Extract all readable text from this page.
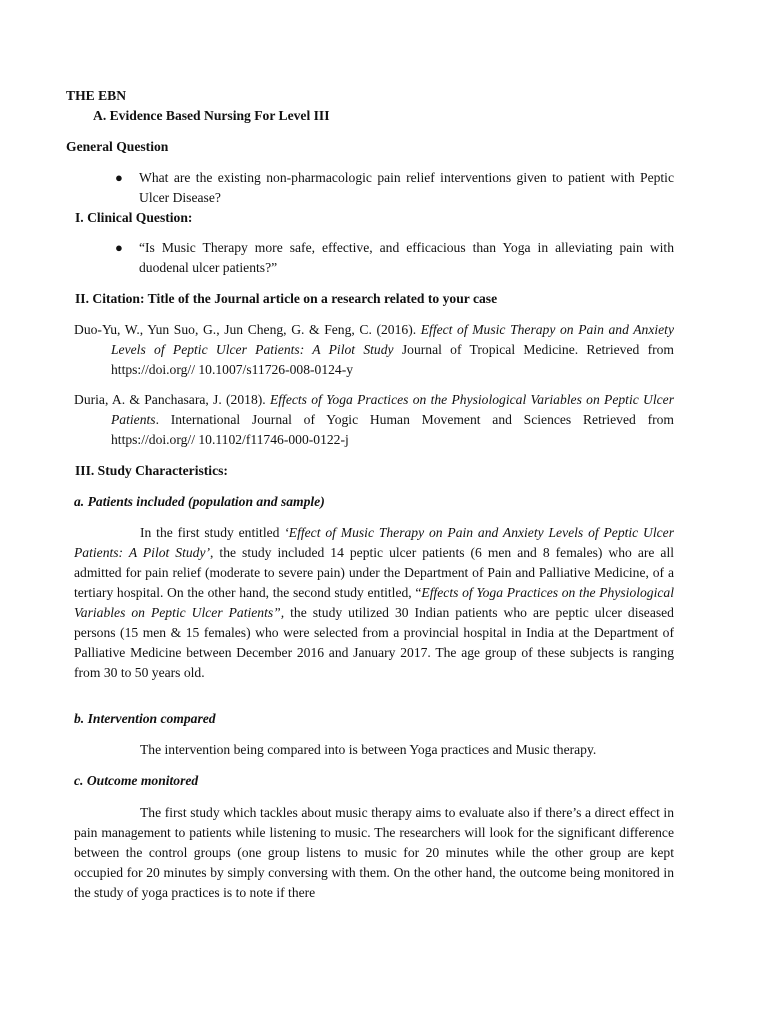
THE EBN
A. Evidence Based Nursing For Level III
General Question
● What are the existing non-pharmacologic pain relief interventions given to patient with Peptic Ulcer Disease?
I. Clinical Question:
● “Is Music Therapy more safe, effective, and efficacious than Yoga in alleviating pain with duodenal ulcer patients?”
II. Citation: Title of the Journal article on a research related to your case

Duo-Yu, W., Yun Suo, G., Jun Cheng, G. & Feng, C. (2016). Effect of Music Therapy on Pain and Anxiety Levels of Peptic Ulcer Patients: A Pilot Study Journal of Tropical Medicine. Retrieved from https://doi.org// 10.1007/s11726-008-0124-y

Duria, A. & Panchasara, J. (2018). Effects of Yoga Practices on the Physiological Variables on Peptic Ulcer Patients. International Journal of Yogic Human Movement and Sciences Retrieved from https://doi.org// 10.1102/f11746-000-0122-j

III. Study Characteristics:
a. Patients included (population and sample)

In the first study entitled ‘Effect of Music Therapy on Pain and Anxiety Levels of Peptic Ulcer Patients: A Pilot Study’, the study included 14 peptic ulcer patients (6 men and 8 females) who are all admitted for pain relief (moderate to severe pain) under the Department of Pain and Palliative Medicine, of a tertiary hospital. On the other hand, the second study entitled, “Effects of Yoga Practices on the Physiological Variables on Peptic Ulcer Patients”, the study utilized 30 Indian patients who are peptic ulcer diseased persons (15 men & 15 females) who were selected from a provincial hospital in India at the Department of Palliative Medicine between December 2016 and January 2017. The age group of these subjects is ranging from 30 to 50 years old.

b. Intervention compared

The intervention being compared into is between Yoga practices and Music therapy.

c. Outcome monitored

The first study which tackles about music therapy aims to evaluate also if there’s a direct effect in pain management to patients while listening to music. The researchers will look for the significant difference between the control groups (one group listens to music for 20 minutes while the other group are kept occupied for 20 minutes by simply conversing with them. On the other hand, the outcome being monitored in the study of yoga practices is to note if there
